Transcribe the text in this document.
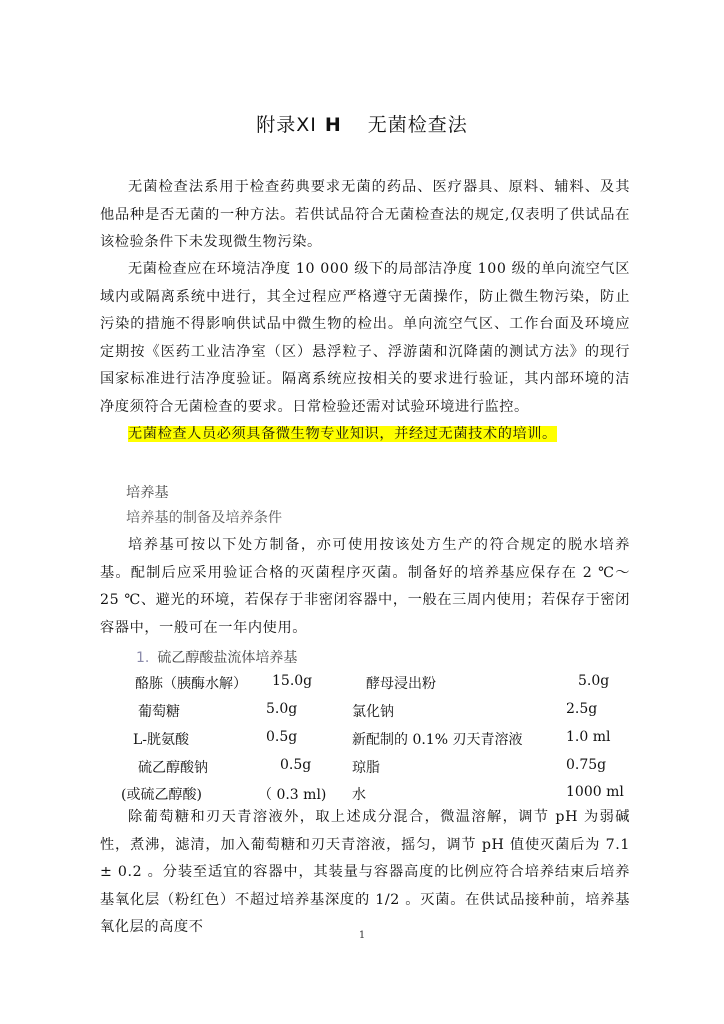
附录XI H 无菌检查法
无菌检查法系用于检查药典要求无菌的药品、医疗器具、原料、辅料、及其他品种是否无菌的一种方法。若供试品符合无菌检查法的规定,仅表明了供试品在该检验条件下未发现微生物污染。
无菌检查应在环境洁净度 10 000 级下的局部洁净度 100 级的单向流空气区域内或隔离系统中进行，其全过程应严格遵守无菌操作，防止微生物污染，防止污染的措施不得影响供试品中微生物的检出。单向流空气区、工作台面及环境应定期按《医药工业洁净室（区）悬浮粒子、浮游菌和沉降菌的测试方法》的现行国家标准进行洁净度验证。隔离系统应按相关的要求进行验证，其内部环境的洁净度须符合无菌检查的要求。日常检验还需对试验环境进行监控。
无菌检查人员必须具备微生物专业知识，并经过无菌技术的培训。
培养基
培养基的制备及培养条件
培养基可按以下处方制备，亦可使用按该处方生产的符合规定的脱水培养基。配制后应采用验证合格的灭菌程序灭菌。制备好的培养基应保存在 2 ℃～ 25 ℃、避光的环境，若保存于非密闭容器中，一般在三周内使用；若保存于密闭容器中，一般可在一年内使用。
1. 硫乙醇酸盐流体培养基
酪胨（胰酶水解） 15.0g	酵母浸出粉	5.0g
葡萄糖	5.0g	氯化钠	2.5g
L-胱氨酸	0.5g	新配制的 0.1% 刃天青溶液	1.0 ml
硫乙醇酸钠	0.5g	琼脂	0.75g
(或硫乙醇酸)	（ 0.3 ml) 水	1000 ml
除葡萄糖和刃天青溶液外，取上述成分混合，微温溶解，调节 pH 为弱碱性，煮沸，滤清，加入葡萄糖和刃天青溶液，摇匀，调节 pH 值使灭菌后为 7.1 ± 0.2 。分装至适宜的容器中，其装量与容器高度的比例应符合培养结束后培养基氧化层（粉红色）不超过培养基深度的 1/2 。灭菌。在供试品接种前，培养基氧化层的高度不
1
